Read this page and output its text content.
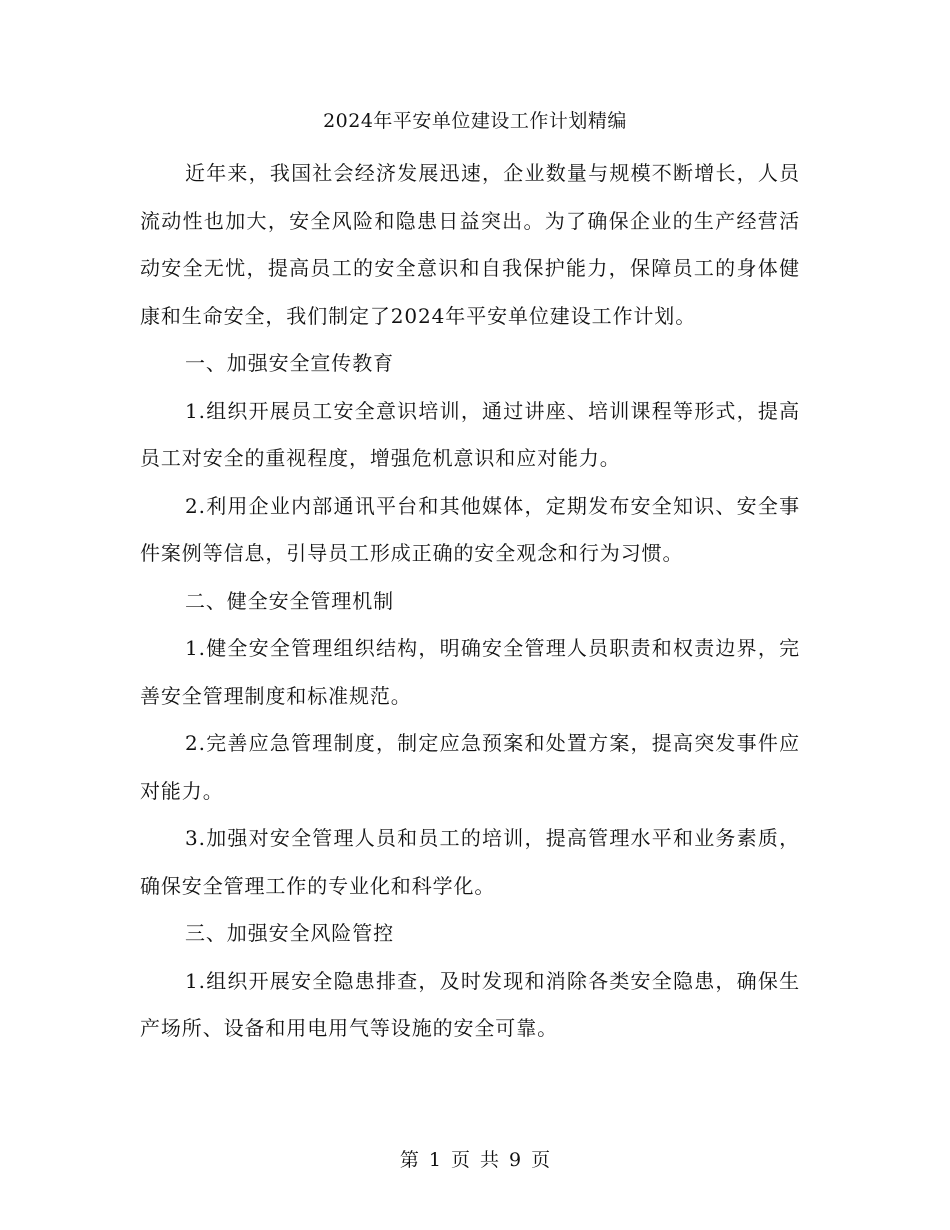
2024年平安单位建设工作计划精编

近年来，我国社会经济发展迅速，企业数量与规模不断增长，人员流动性也加大，安全风险和隐患日益突出。为了确保企业的生产经营活动安全无忧，提高员工的安全意识和自我保护能力，保障员工的身体健康和生命安全，我们制定了2024年平安单位建设工作计划。

一、加强安全宣传教育

1.组织开展员工安全意识培训，通过讲座、培训课程等形式，提高员工对安全的重视程度，增强危机意识和应对能力。

2.利用企业内部通讯平台和其他媒体，定期发布安全知识、安全事件案例等信息，引导员工形成正确的安全观念和行为习惯。

二、健全安全管理机制

1.健全安全管理组织结构，明确安全管理人员职责和权责边界，完善安全管理制度和标准规范。

2.完善应急管理制度，制定应急预案和处置方案，提高突发事件应对能力。

3.加强对安全管理人员和员工的培训，提高管理水平和业务素质，确保安全管理工作的专业化和科学化。

三、加强安全风险管控

1.组织开展安全隐患排查，及时发现和消除各类安全隐患，确保生产场所、设备和用电用气等设施的安全可靠。

第 1 页 共 9 页
